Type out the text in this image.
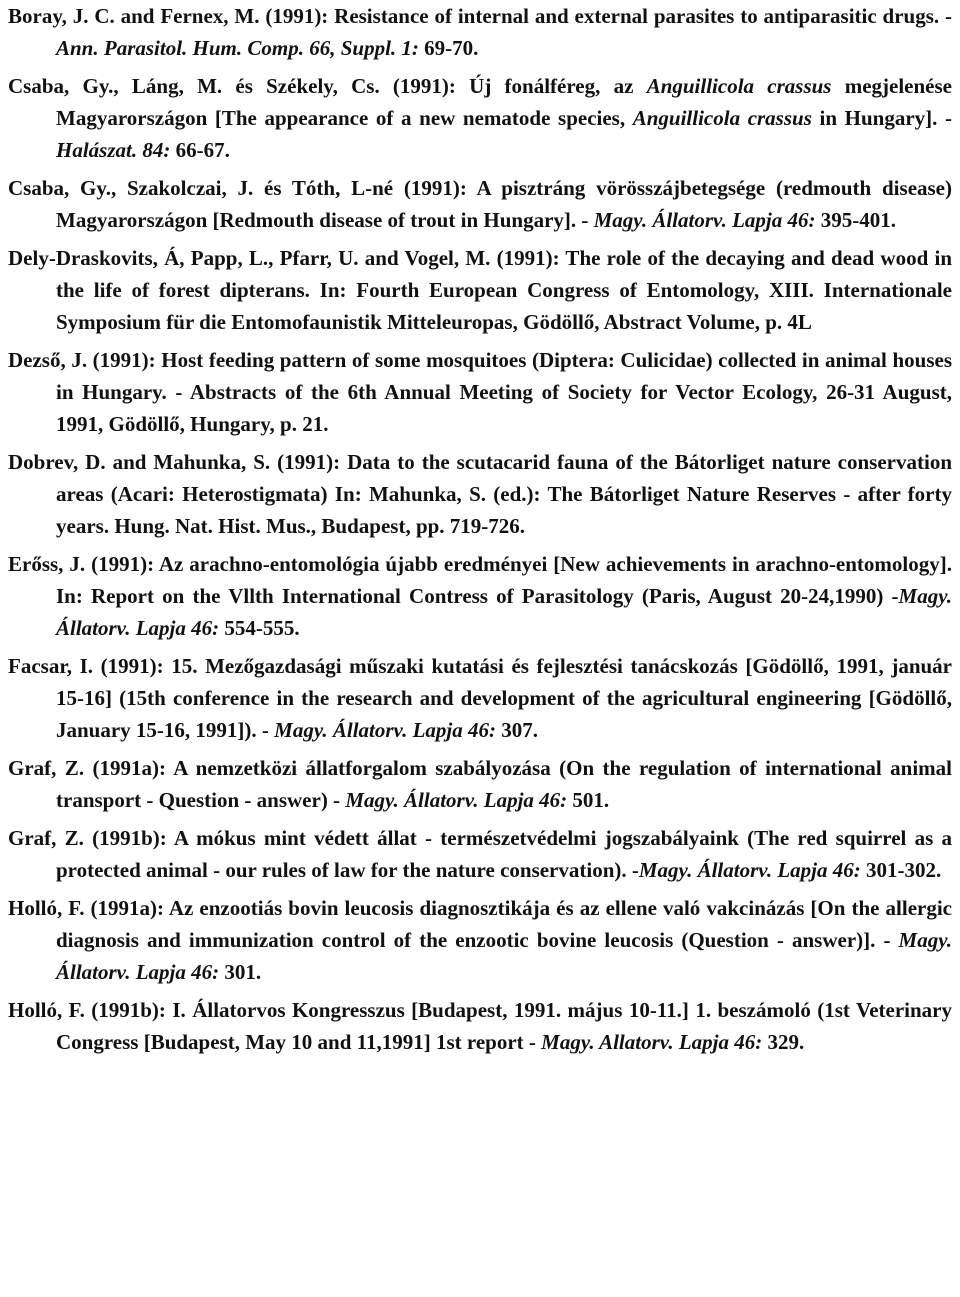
Boray, J. C. and Fernex, M. (1991): Resistance of internal and external parasites to antiparasitic drugs. -Ann. Parasitol. Hum. Comp. 66, Suppl. 1: 69-70.

Csaba, Gy., Láng, M. és Székely, Cs. (1991): Új fonálféreg, az Anguillicola crassus megjelenése Magyarországon [The appearance of a new nematode species, Anguillicola crassus in Hungary]. - Halászat. 84: 66-67.

Csaba, Gy., Szakolczai, J. és Tóth, L-né (1991): A pisztráng vörösszájbetegsége (redmouth disease) Magyarországon [Redmouth disease of trout in Hungary]. - Magy. Állatorv. Lapja 46: 395-401.

Dely-Draskovits, Á, Papp, L., Pfarr, U. and Vogel, M. (1991): The role of the decaying and dead wood in the life of forest dipterans. In: Fourth European Congress of Entomology, XIII. Internationale Symposium für die Entomofaunistik Mitteleuropas, Gödöllő, Abstract Volume, p. 4L

Dezső, J. (1991): Host feeding pattern of some mosquitoes (Diptera: Culicidae) collected in animal houses in Hungary. - Abstracts of the 6th Annual Meeting of Society for Vector Ecology, 26-31 August, 1991, Gödöllő, Hungary, p. 21.

Dobrev, D. and Mahunka, S. (1991): Data to the scutacarid fauna of the Bátorliget nature conservation areas (Acari: Heterostigmata) In: Mahunka, S. (ed.): The Bátorliget Nature Reserves - after forty years. Hung. Nat. Hist. Mus., Budapest, pp. 719-726.

Erőss, J. (1991): Az arachno-entomológia újabb eredményei [New achievements in arachno-entomology]. In: Report on the Vllth International Contress of Parasitology (Paris, August 20-24,1990) -Magy. Állatorv. Lapja 46: 554-555.

Facsar, I. (1991): 15. Mezőgazdasági műszaki kutatási és fejlesztési tanácskozás [Gödöllő, 1991, január 15-16] (15th conference in the research and development of the agricultural engineering [Gödöllő, January 15-16, 1991]). - Magy. Állatorv. Lapja 46: 307.

Graf, Z. (1991a): A nemzetközi állatforgalom szabályozása (On the regulation of international animal transport - Question - answer) - Magy. Állatorv. Lapja 46: 501.

Graf, Z. (1991b): A mókus mint védett állat - természetvédelmi jogszabályaink (The red squirrel as a protected animal - our rules of law for the nature conservation). -Magy. Állatorv. Lapja 46: 301-302.

Holló, F. (1991a): Az enzootiás bovin leucosis diagnosztikája és az ellene való vakcinázás [On the allergic diagnosis and immunization control of the enzootic bovine leucosis (Question - answer)]. - Magy. Állatorv. Lapja 46: 301.

Holló, F. (1991b): I. Állatorvos Kongresszus [Budapest, 1991. május 10-11.] 1. beszámoló (1st Veterinary Congress [Budapest, May 10 and 11,1991] 1st report - Magy. Allatorv. Lapja 46: 329.
